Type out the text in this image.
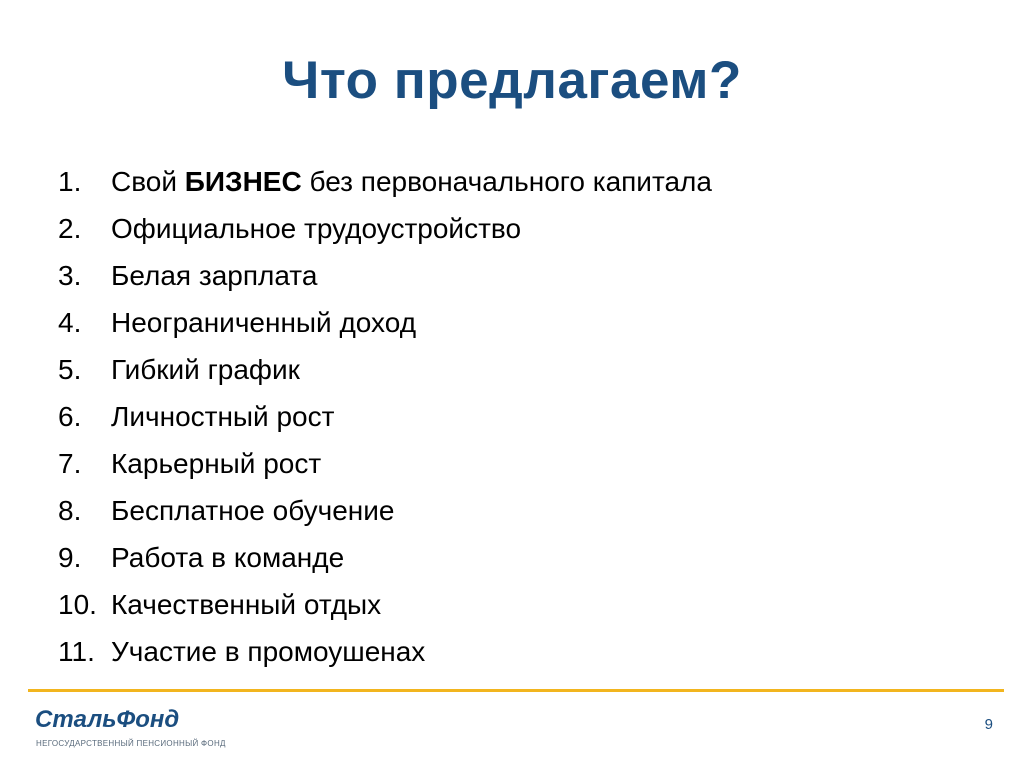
Что предлагаем?
1.	Свой БИЗНЕС без первоначального капитала
2.	Официальное трудоустройство
3.	Белая зарплата
4.	Неограниченный доход
5.	Гибкий график
6.	Личностный рост
7.	Карьерный рост
8.	Бесплатное обучение
9.	Работа в команде
10. Качественный отдых
11. Участие в промоушенах
СтальФонд
НЕГОСУДАРСТВЕННЫЙ ПЕНСИОННЫЙ ФОНД
9
